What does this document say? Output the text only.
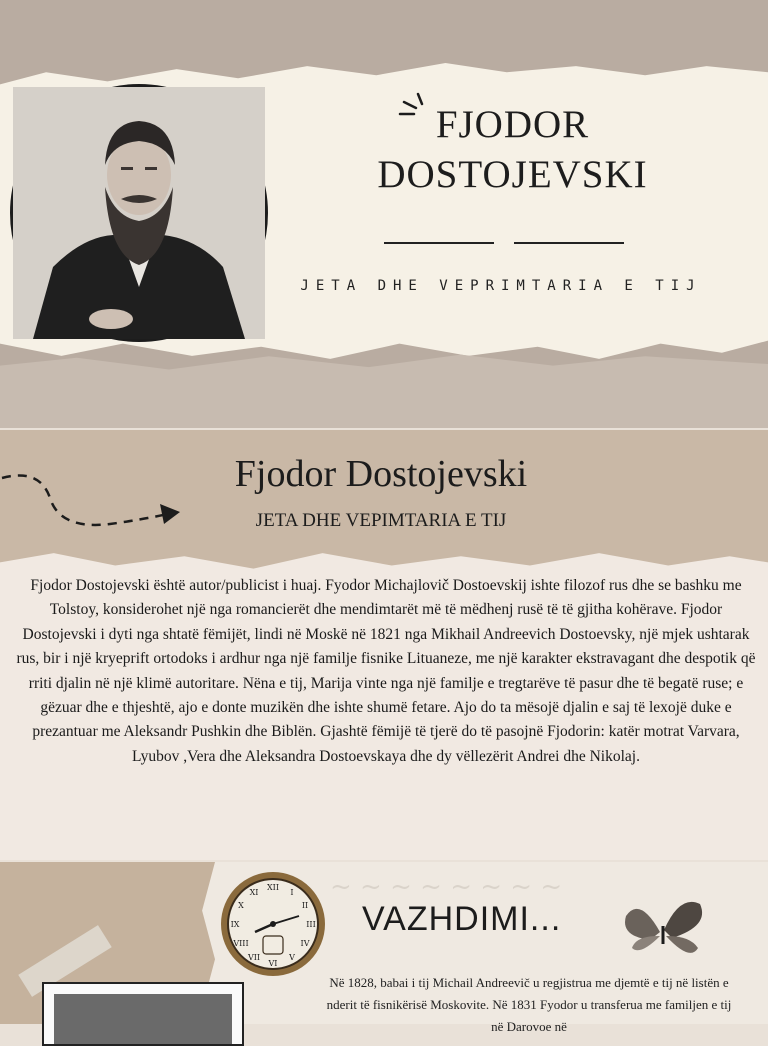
FJODOR DOSTOJEVSKI
JETA DHE VEPRIMTARIA E TIJ
Fjodor Dostojevski
JETA DHE VEPIMTARIA E TIJ
Fjodor Dostojevski është autor/publicist i huaj. Fyodor Michajlovič Dostoevskij ishte filozof rus dhe se bashku me Tolstoy, konsiderohet një nga romancierët dhe mendimtarët më të mëdhenj rusë të të gjitha kohërave. Fjodor Dostojevski i dyti nga shtatë fëmijët, lindi në Moskë në 1821 nga Mikhail Andreevich Dostoevsky, një mjek ushtarak rus, bir i një kryeprift ortodoks i ardhur nga një familje fisnike Lituaneze, me një karakter ekstravagant dhe despotik që rriti djalin në një klimë autoritare. Nëna e tij, Marija vinte nga një familje e tregtarëve të pasur dhe të begatë ruse; e gëzuar dhe e thjeshtë, ajo e donte muzikën dhe ishte shumë fetare. Ajo do ta mësojë djalin e saj të lexojë duke e prezantuar me Aleksandr Pushkin dhe Biblën. Gjashtë fëmijë të tjerë do të pasojnë Fjodorin: katër motrat Varvara, Lyubov ,Vera dhe Aleksandra Dostoevskaya dhe dy vëllezërit Andrei dhe Nikolaj.
~ ~ ~ ~ ~ ~ ~ ~
XII
I
II
III
IV
V
VI
VII
VIII
IX
X
XI
VAZHDIMI...
Në 1828, babai i tij Michail Andreevič u regjistrua me djemtë e tij në listën e nderit të fisnikërisë Moskovite. Në 1831 Fyodor u transferua me familjen e tij në Darovoe në
